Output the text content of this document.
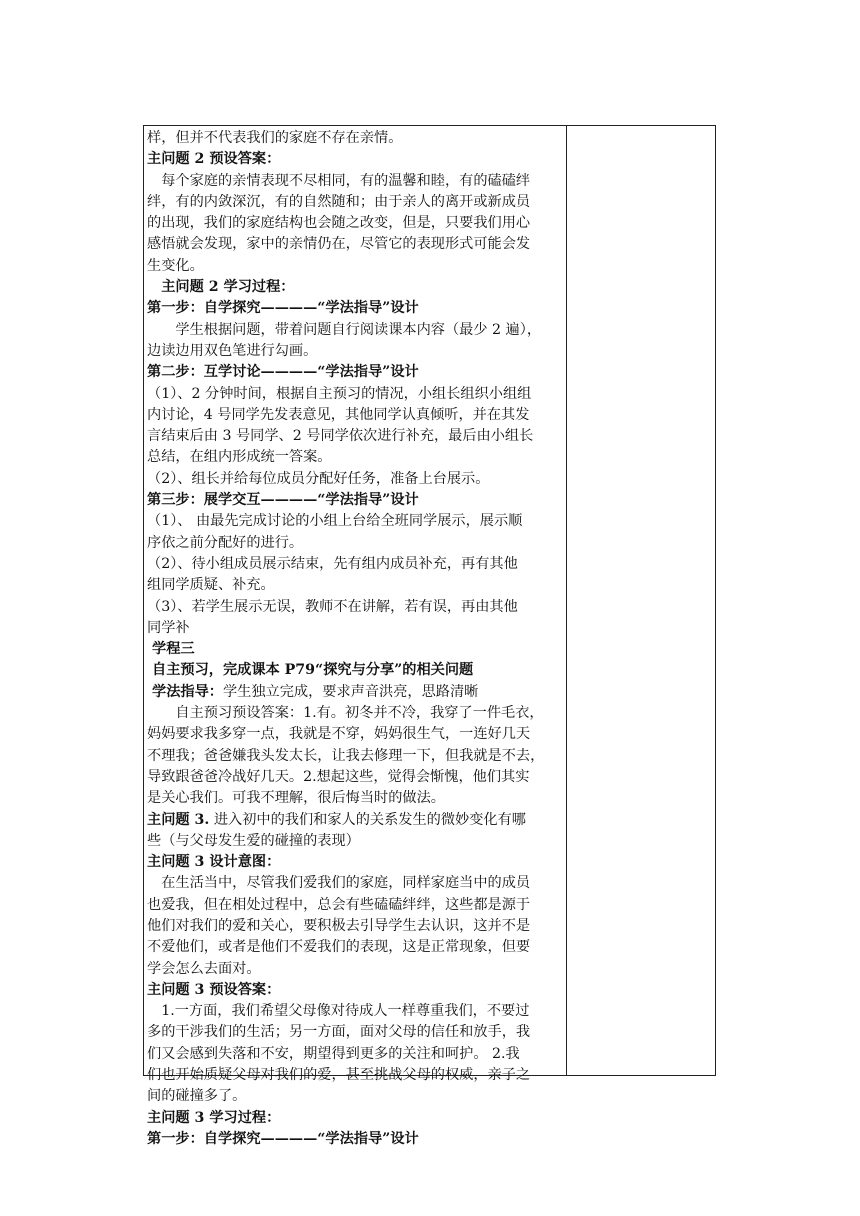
样，但并不代表我们的家庭不存在亲情。

主问题 2 预设答案：

　每个家庭的亲情表现不尽相同，有的温馨和睦，有的磕磕绊

绊，有的内敛深沉，有的自然随和；由于亲人的离开或新成员

的出现，我们的家庭结构也会随之改变，但是，只要我们用心

感悟就会发现，家中的亲情仍在，尽管它的表现形式可能会发

生变化。

　主问题 2 学习过程：

第一步：自学探究————“学法指导”设计

　　学生根据问题，带着问题自行阅读课本内容（最少 2 遍），

边读边用双色笔进行勾画。

第二步：互学讨论————“学法指导”设计

（1）、2 分钟时间，根据自主预习的情况，小组长组织小组组

内讨论，4 号同学先发表意见，其他同学认真倾听，并在其发

言结束后由 3 号同学、2 号同学依次进行补充，最后由小组长

总结，在组内形成统一答案。

（2）、组长并给每位成员分配好任务，准备上台展示。

第三步：展学交互————“学法指导”设计

（1）、 由最先完成讨论的小组上台给全班同学展示，展示顺

序依之前分配好的进行。

（2）、待小组成员展示结束，先有组内成员补充，再有其他

组同学质疑、补充。

（3）、若学生展示无误，教师不在讲解，若有误，再由其他

同学补

学程三

自主预习，完成课本 P79“探究与分享”的相关问题

学法指导：学生独立完成，要求声音洪亮，思路清晰

　　自主预习预设答案：1.有。初冬并不冷，我穿了一件毛衣，

妈妈要求我多穿一点，我就是不穿，妈妈很生气，一连好几天

不理我；爸爸嫌我头发太长，让我去修理一下，但我就是不去，

导致跟爸爸冷战好几天。2.想起这些，觉得会惭愧，他们其实

是关心我们。可我不理解，很后悔当时的做法。

主问题 3. 进入初中的我们和家人的关系发生的微妙变化有哪

些（与父母发生爱的碰撞的表现）

主问题 3 设计意图：

　在生活当中，尽管我们爱我们的家庭，同样家庭当中的成员

也爱我，但在相处过程中，总会有些磕磕绊绊，这些都是源于

他们对我们的爱和关心，要积极去引导学生去认识，这并不是

不爱他们，或者是他们不爱我们的表现，这是正常现象，但要

学会怎么去面对。

主问题 3 预设答案：

　1.一方面，我们希望父母像对待成人一样尊重我们，不要过

多的干涉我们的生活；另一方面，面对父母的信任和放手，我

们又会感到失落和不安，期望得到更多的关注和呵护。 2.我

们也开始质疑父母对我们的爱，甚至挑战父母的权威，亲子之

间的碰撞多了。

主问题 3 学习过程：

第一步：自学探究————“学法指导”设计
